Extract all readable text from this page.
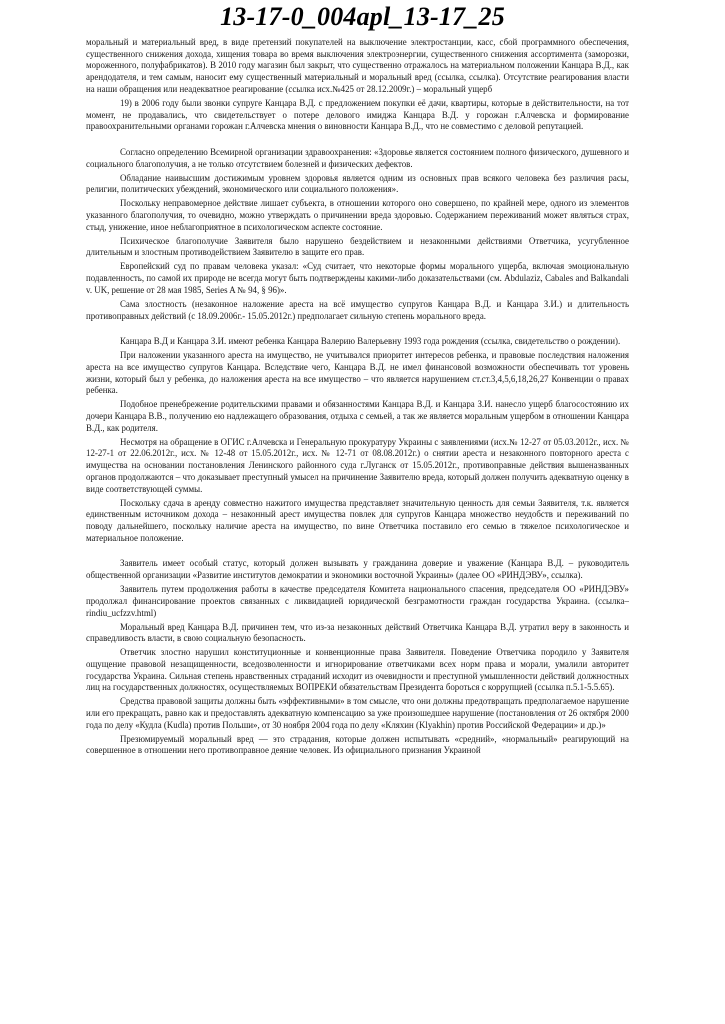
13-17-0_004apl_13-17_25

моральный и материальный вред, в виде претензий покупателей на выключение электростанции, касс, сбой программного обеспечения, существенного снижения дохода, хищения товара во время выключения электроэнергии, существенного снижения ассортимента (заморозки, мороженного, полуфабрикатов). В 2010 году магазин был закрыт, что существенно отражалось на материальном положении Канцара В.Д., как арендодателя, и тем самым, наносит ему существенный материальный и моральный вред (ссылка, ссылка). Отсутствие реагирования власти на наши обращения или неадекватное реагирование (ссылка исх.№425 от 28.12.2009г.) – моральный ущерб

19) в 2006 году были звонки супруге Канцара В.Д. с предложением покупки её дачи, квартиры, которые в действительности, на тот момент, не продавались, что свидетельствует о потере делового имиджа Канцара В.Д. у горожан г.Алчевска и формирование правоохранительными органами горожан г.Алчевска мнения о виновности Канцара В.Д., что не совместимо с деловой репутацией.

Согласно определению Всемирной организации здравоохранения: «Здоровье является состоянием полного физического, душевного и социального благополучия, а не только отсутствием болезней и физических дефектов.

Обладание наивысшим достижимым уровнем здоровья является одним из основных прав всякого человека без различия расы, религии, политических убеждений, экономического или социального положения».

Поскольку неправомерное действие лишает субъекта, в отношении которого оно совершено, по крайней мере, одного из элементов указанного благополучия, то очевидно, можно утверждать о причинении вреда здоровью. Содержанием переживаний может являться страх, стыд, унижение, иное неблагоприятное в психологическом аспекте состояние.

Психическое благополучие Заявителя было нарушено бездействием и незаконными действиями Ответчика, усугубленное длительным и злостным противодействием Заявителю в защите его прав.

Европейский суд по правам человека указал: «Суд считает, что некоторые формы морального ущерба, включая эмоциональную подавленность, по самой их природе не всегда могут быть подтверждены какими-либо доказательствами (см. Abdulaziz, Cabales and Balkandali v. UK, решение от 28 мая 1985, Series A № 94, § 96)».

Сама злостность (незаконное наложение ареста на всё имущество супругов Канцара В.Д. и Канцара З.И.) и длительность противоправных действий (с 18.09.2006г.- 15.05.2012г.) предполагает сильную степень морального вреда.

Канцара В.Д и Канцара З.И. имеют ребенка Канцара Валерию Валерьевну 1993 года рождения (ссылка, свидетельство о рождении).

При наложении указанного ареста на имущество, не учитывался приоритет интересов ребенка, и правовые последствия наложения ареста на все имущество супругов Канцара. Вследствие чего, Канцара В.Д. не имел финансовой возможности обеспечивать тот уровень жизни, который был у ребенка, до наложения ареста на все имущество – что является нарушением ст.ст.3,4,5,6,18,26,27 Конвенции о правах ребенка.

Подобное пренебрежение родительскими правами и обязанностями Канцара В.Д. и Канцара З.И. нанесло ущерб благосостоянию их дочери Канцара В.В., получению ею надлежащего образования, отдыха с семьей, а так же является моральным ущербом в отношении Канцара В.Д., как родителя.

Несмотря на обращение в ОГИС г.Алчевска и Генеральную прокуратуру Украины с заявлениями (исх.№ 12-27 от 05.03.2012г., исх. № 12-27-1 от 22.06.2012г., исх. № 12-48 от 15.05.2012г., исх. № 12-71 от 08.08.2012г.) о снятии ареста и незаконного повторного ареста с имущества на основании постановления Ленинского районного суда г.Луганск от 15.05.2012г., противоправные действия вышеназванных органов продолжаются – что доказывает преступный умысел на причинение Заявителю вреда, который должен получить адекватную оценку в виде соответствующей суммы.

Поскольку сдача в аренду совместно нажитого имущества представляет значительную ценность для семьи Заявителя, т.к. является единственным источником дохода – незаконный арест имущества повлек для супругов Канцара множество неудобств и переживаний по поводу дальнейшего, поскольку наличие ареста на имущество, по вине Ответчика поставило его семью в тяжелое психологическое и материальное положение.

Заявитель имеет особый статус, который должен вызывать у гражданина доверие и уважение (Канцара В.Д. – руководитель общественной организации «Развитие институтов демократии и экономики восточной Украины» (далее ОО «РИНДЭВУ», ссылка).

Заявитель путем продолжения работы в качестве председателя Комитета национального спасения, председателя ОО «РИНДЭВУ» продолжал финансирование проектов связанных с ликвидацией юридической безграмотности граждан государства Украина. (ссылка–rindiu_ucfzzv.html)

Моральный вред Канцара В.Д. причинен тем, что из-за незаконных действий Ответчика Канцара В.Д. утратил веру в законность и справедливость власти, в свою социальную безопасность.

Ответчик злостно нарушил конституционные и конвенционные права Заявителя. Поведение Ответчика породило у Заявителя ощущение правовой незащищенности, вседозволенности и игнорирование ответчиками всех норм права и морали, умалили авторитет государства Украина. Сильная степень нравственных страданий исходит из очевидности и преступной умышленности действий должностных лиц на государственных должностях, осуществляемых ВОПРЕКИ обязательствам Президента бороться с коррупцией (ссылка п.5.1-5.5.65).

Средства правовой защиты должны быть «эффективными» в том смысле, что они должны предотвращать предполагаемое нарушение или его прекращать, равно как и предоставлять адекватную компенсацию за уже произошедшее нарушение (постановления от 26 октября 2000 года по делу «Кудла (Kudla) против Польши», от 30 ноября 2004 года по делу «Кляхин (Klyakhin) против Российской Федерации» и др.)»

Презюмируемый моральный вред — это страдания, которые должен испытывать «средний», «нормальный» реагирующий на совершенное в отношении него противоправное деяние человек. Из официального признания Украиной
